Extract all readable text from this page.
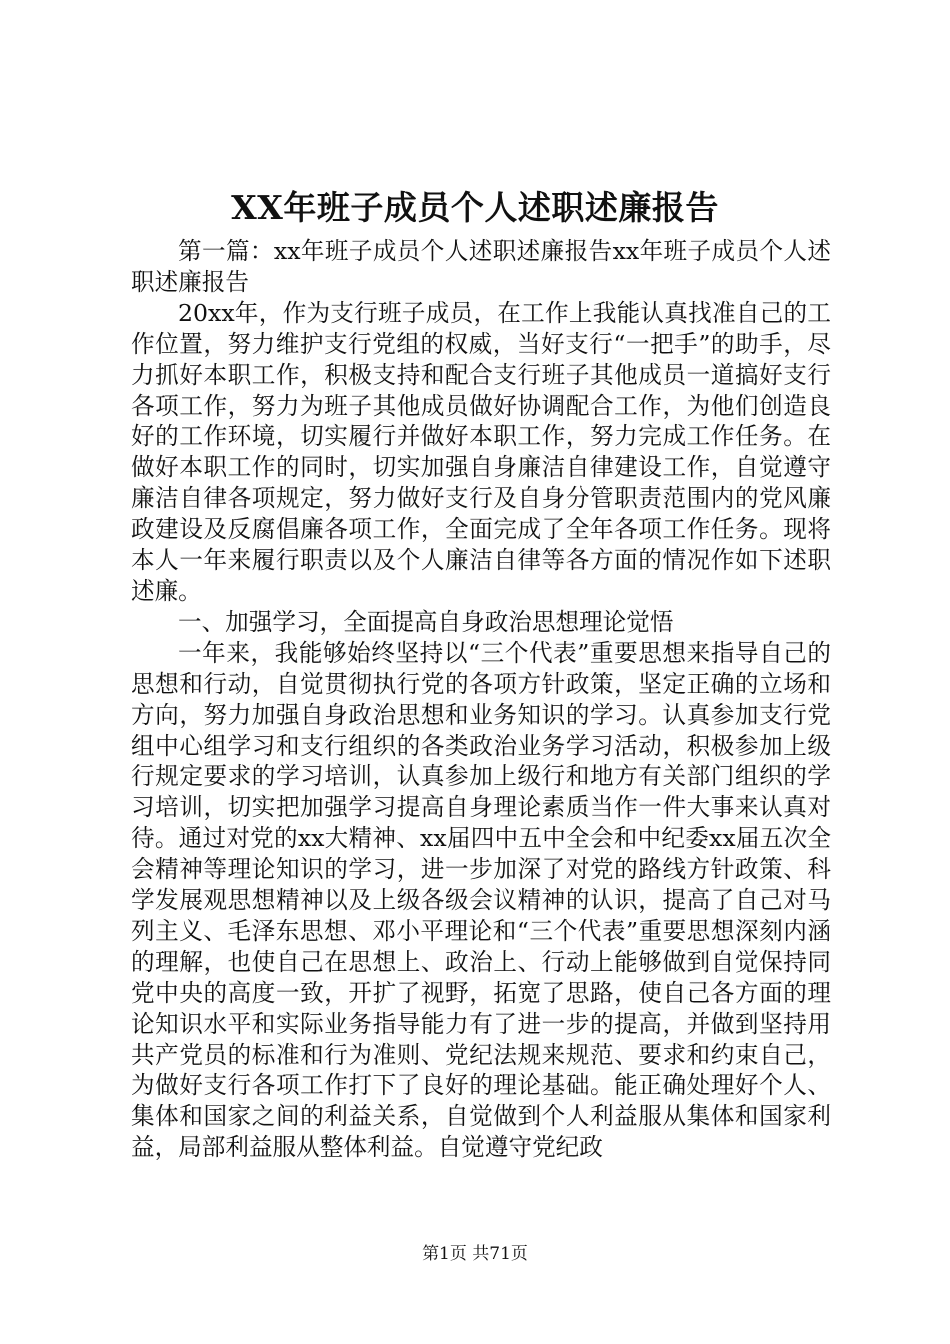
XX年班子成员个人述职述廉报告

第一篇：xx年班子成员个人述职述廉报告xx年班子成员个人述职述廉报告

20xx年，作为支行班子成员，在工作上我能认真找准自己的工作位置，努力维护支行党组的权威，当好支行“一把手”的助手，尽力抓好本职工作，积极支持和配合支行班子其他成员一道搞好支行各项工作，努力为班子其他成员做好协调配合工作，为他们创造良好的工作环境，切实履行并做好本职工作，努力完成工作任务。在做好本职工作的同时，切实加强自身廉洁自律建设工作，自觉遵守廉洁自律各项规定，努力做好支行及自身分管职责范围内的党风廉政建设及反腐倡廉各项工作，全面完成了全年各项工作任务。现将本人一年来履行职责以及个人廉洁自律等各方面的情况作如下述职述廉。

一、加强学习，全面提高自身政治思想理论觉悟

一年来，我能够始终坚持以“三个代表”重要思想来指导自己的思想和行动，自觉贯彻执行党的各项方针政策，坚定正确的立场和方向，努力加强自身政治思想和业务知识的学习。认真参加支行党组中心组学习和支行组织的各类政治业务学习活动，积极参加上级行规定要求的学习培训，认真参加上级行和地方有关部门组织的学习培训，切实把加强学习提高自身理论素质当作一件大事来认真对待。通过对党的xx大精神、xx届四中五中全会和中纪委xx届五次全会精神等理论知识的学习，进一步加深了对党的路线方针政策、科学发展观思想精神以及上级各级会议精神的认识，提高了自己对马列主义、毛泽东思想、邓小平理论和“三个代表”重要思想深刻内涵的理解，也使自己在思想上、政治上、行动上能够做到自觉保持同党中央的高度一致，开扩了视野，拓宽了思路，使自己各方面的理论知识水平和实际业务指导能力有了进一步的提高，并做到坚持用共产党员的标准和行为准则、党纪法规来规范、要求和约束自己，为做好支行各项工作打下了良好的理论基础。能正确处理好个人、集体和国家之间的利益关系，自觉做到个人利益服从集体和国家利益，局部利益服从整体利益。自觉遵守党纪政

第1页 共71页
